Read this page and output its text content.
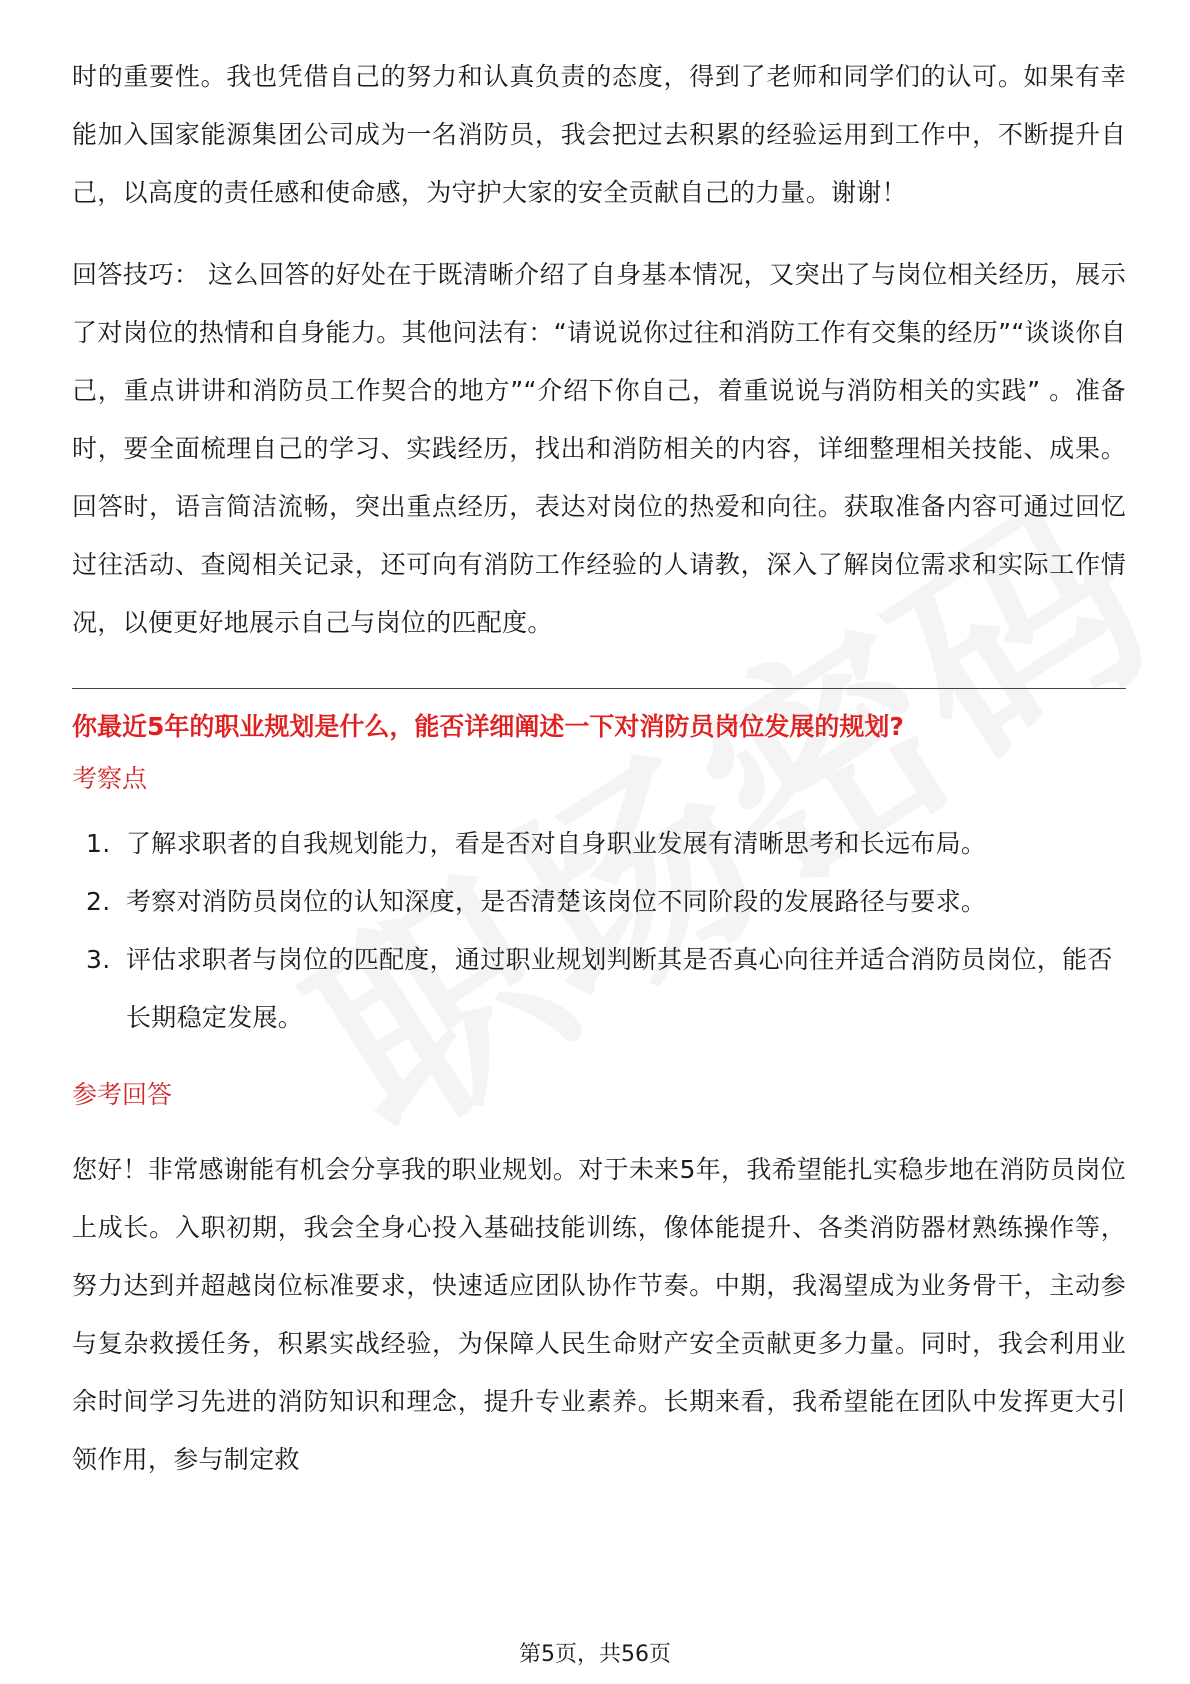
时的重要性。我也凭借自己的努力和认真负责的态度，得到了老师和同学们的认可。如果有幸能加入国家能源集团公司成为一名消防员，我会把过去积累的经验运用到工作中，不断提升自己，以高度的责任感和使命感，为守护大家的安全贡献自己的力量。谢谢！

回答技巧： 这么回答的好处在于既清晰介绍了自身基本情况，又突出了与岗位相关经历，展示了对岗位的热情和自身能力。其他问法有：“请说说你过往和消防工作有交集的经历”“谈谈你自己，重点讲讲和消防员工作契合的地方”“介绍下你自己，着重说说与消防相关的实践” 。准备时，要全面梳理自己的学习、实践经历，找出和消防相关的内容，详细整理相关技能、成果。回答时，语言简洁流畅，突出重点经历，表达对岗位的热爱和向往。获取准备内容可通过回忆过往活动、查阅相关记录，还可向有消防工作经验的人请教，深入了解岗位需求和实际工作情况，以便更好地展示自己与岗位的匹配度。

你最近5年的职业规划是什么，能否详细阐述一下对消防员岗位发展的规划?
考察点
1. 了解求职者的自我规划能力，看是否对自身职业发展有清晰思考和长远布局。
2. 考察对消防员岗位的认知深度，是否清楚该岗位不同阶段的发展路径与要求。
3. 评估求职者与岗位的匹配度，通过职业规划判断其是否真心向往并适合消防员岗位，能否长期稳定发展。
参考回答

您好！非常感谢能有机会分享我的职业规划。对于未来5年，我希望能扎实稳步地在消防员岗位上成长。入职初期，我会全身心投入基础技能训练，像体能提升、各类消防器材熟练操作等，努力达到并超越岗位标准要求，快速适应团队协作节奏。中期，我渴望成为业务骨干，主动参与复杂救援任务，积累实战经验，为保障人民生命财产安全贡献更多力量。同时，我会利用业余时间学习先进的消防知识和理念，提升专业素养。长期来看，我希望能在团队中发挥更大引领作用，参与制定救

第5页，共56页
